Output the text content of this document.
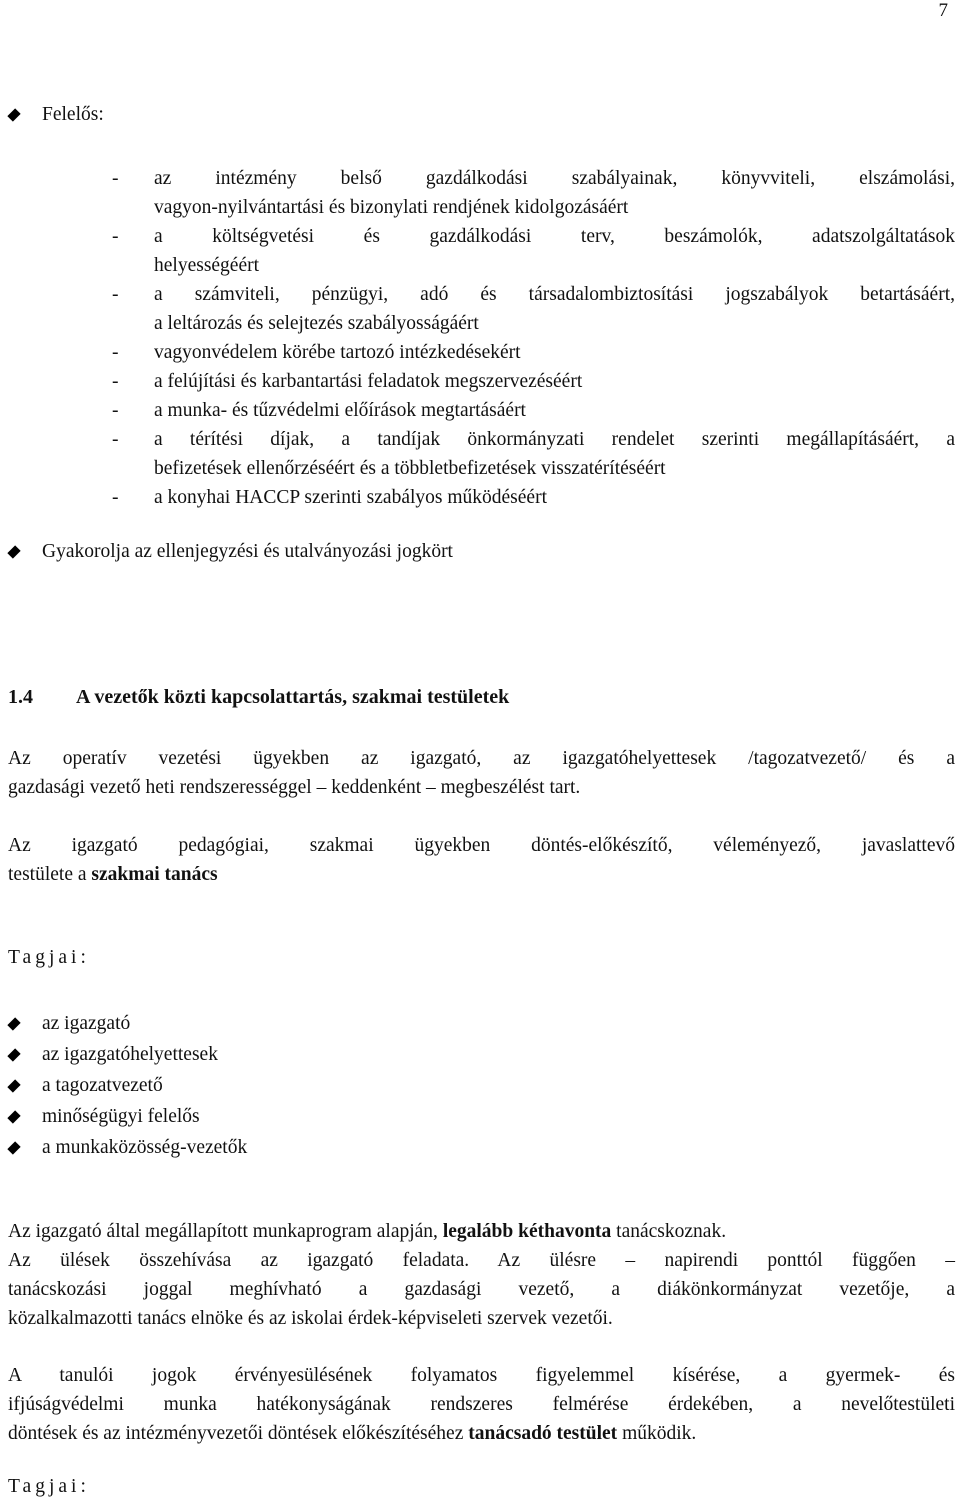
7
Felelős:
- az intézmény belső gazdálkodási szabályainak, könyvviteli, elszámolási,
vagyon-nyilvántartási és bizonylati rendjének kidolgozásáért
- a költségvetési és gazdálkodási terv, beszámolók, adatszolgáltatások
helyességéért
- a számviteli, pénzügyi, adó és társadalombiztosítási jogszabályok betartásáért,
a leltározás és selejtezés szabályosságáért
- vagyonvédelem körébe tartozó intézkedésekért
- a felújítási és karbantartási feladatok megszervezéséért
- a munka- és tűzvédelmi előírások megtartásáért
- a térítési díjak, a tandíjak önkormányzati rendelet szerinti megállapításáért, a
befizetések ellenőrzéséért és a többletbefizetések visszatérítéséért
- a konyhai HACCP szerinti szabályos működéséért
Gyakorolja az ellenjegyzési és utalványozási jogkört
1.4	A vezetők közti kapcsolattartás, szakmai testületek
Az operatív vezetési ügyekben az igazgató, az igazgatóhelyettesek /tagozatvezető/ és a
gazdasági vezető heti rendszerességgel – keddenként – megbeszélést tart.
Az igazgató pedagógiai, szakmai ügyekben döntés-előkészítő, véleményező, javaslattevő
testülete a szakmai tanács
Tagjai:
az igazgató
az igazgatóhelyettesek
a tagozatvezető
minőségügyi felelős
a munkaközösség-vezetők
Az igazgató által megállapított munkaprogram alapján, legalább kéthavonta tanácskoznak.
Az ülések összehívása az igazgató feladata. Az ülésre – napirendi ponttól függően –
tanácskozási joggal meghívható a gazdasági vezető, a diákönkormányzat vezetője, a
közalkalmazotti tanács elnöke és az iskolai érdek-képviseleti szervek vezetői.
A tanulói jogok érvényesülésének folyamatos figyelemmel kísérése, a gyermek- és
ifjúságvédelmi munka hatékonyságának rendszeres felmérése érdekében, a nevelőtestületi
döntések és az intézményvezetői döntések előkészítéséhez tanácsadó testület működik.
Tagjai:
